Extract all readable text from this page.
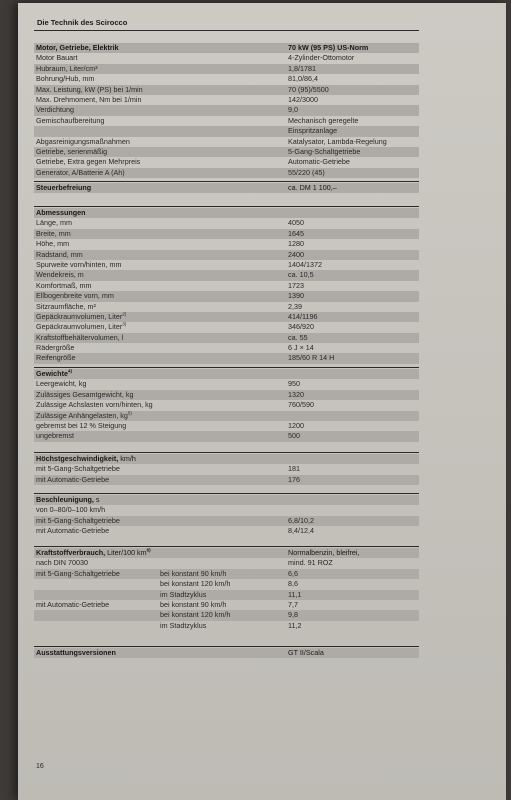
Die Technik des Scirocco
Motor, Getriebe, Elektrik	70 kW (95 PS) US-Norm
Motor Bauart	4-Zylinder-Ottomotor
Hubraum, Liter/cm³	1,8/1781
Bohrung/Hub, mm	81,0/86,4
Max. Leistung, kW (PS) bei 1/min	70 (95)/5500
Max. Drehmoment, Nm bei 1/min	142/3000
Verdichtung	9,0
Gemischaufbereitung	Mechanisch geregelte
Einspritzanlage
Abgasreinigungsmaßnahmen	Katalysator, Lambda-Regelung
Getriebe, serienmäßig	5-Gang-Schaltgetriebe
Getriebe, Extra gegen Mehrpreis	Automatic-Getriebe
Generator, A/Batterie A (Ah)	55/220 (45)
Steuerbefreiung	ca. DM 1 100,–
Abmessungen
Länge, mm	4050
Breite, mm	1645
Höhe, mm	1280
Radstand, mm	2400
Spurweite vorn/hinten, mm	1404/1372
Wendekreis, m	ca. 10,5
Komfortmaß, mm	1723
Ellbogenbreite vorn, mm	1390
Sitzraumfläche, m²	2,39
Gepäckraumvolumen, Liter$^{2)}$	414/1196
Gepäckraumvolumen, Liter$^{3)}$	346/920
Kraftstoffbehältervolumen, l	ca. 55
Rädergröße	6 J × 14
Reifengröße	185/60 R 14 H
Gewichte$^{4)}$
Leergewicht, kg	950
Zulässiges Gesamtgewicht, kg	1320
Zulässige Achslasten vorn/hinten, kg	760/590
Zulässige Anhängelasten, $kg^{5)}$
gebremst bei 12 % Steigung	1200
ungebremst	500
Höchstgeschwindigkeit, km/h
mit 5-Gang-Schaltgetriebe	181
mit Automatic-Getriebe	176
Beschleunigung, s
von 0–80/0–100 km/h
mit 5-Gang-Schaltgetriebe	6,8/10,2
mit Automatic-Getriebe	8,4/12,4
Kraftstoffverbrauch, Liter/100 $km^{6)}$	Normalbenzin, bleifrei,
nach DIN 70030	mind. 91 ROZ
mit 5-Gang-Schaltgetriebe	bei konstant 90 km/h	6,6
bei konstant 120 km/h	8,6
im Stadtzyklus	11,1
mit Automatic-Getriebe	bei konstant 90 km/h	7,7
bei konstant 120 km/h	9,8
im Stadtzyklus	11,2
Ausstattungsversionen	GT II/Scala
16
